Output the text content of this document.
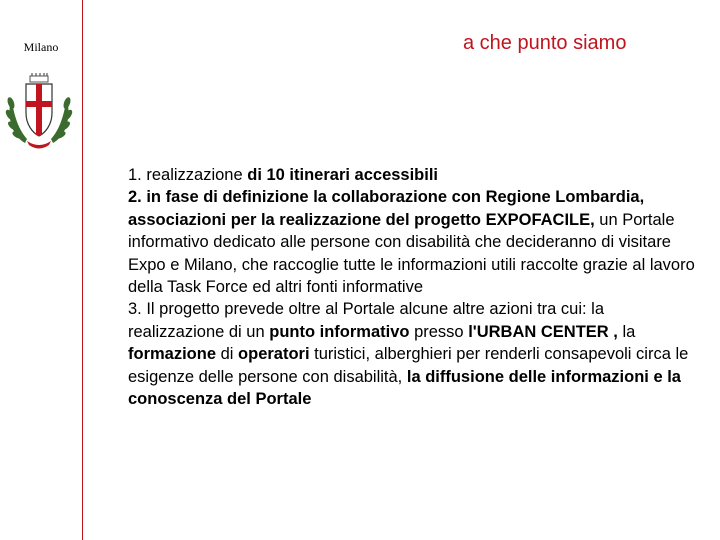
Milano	a che punto siamo

1. realizzazione di 10 itinerari accessibili

2. in fase di definizione la collaborazione con Regione Lombardia, associazioni per la realizzazione del progetto EXPOFACILE, un Portale informativo dedicato alle persone con disabilità che decideranno di visitare Expo e Milano, che raccoglie tutte le informazioni utili raccolte grazie al lavoro della Task Force ed altri fonti informative

3. Il progetto prevede oltre al Portale alcune altre azioni tra cui: la realizzazione di un punto informativo presso l'URBAN CENTER , la formazione di operatori turistici, alberghieri per renderli consapevoli circa le esigenze delle persone con disabilità, la diffusione delle informazioni e la conoscenza del Portale
